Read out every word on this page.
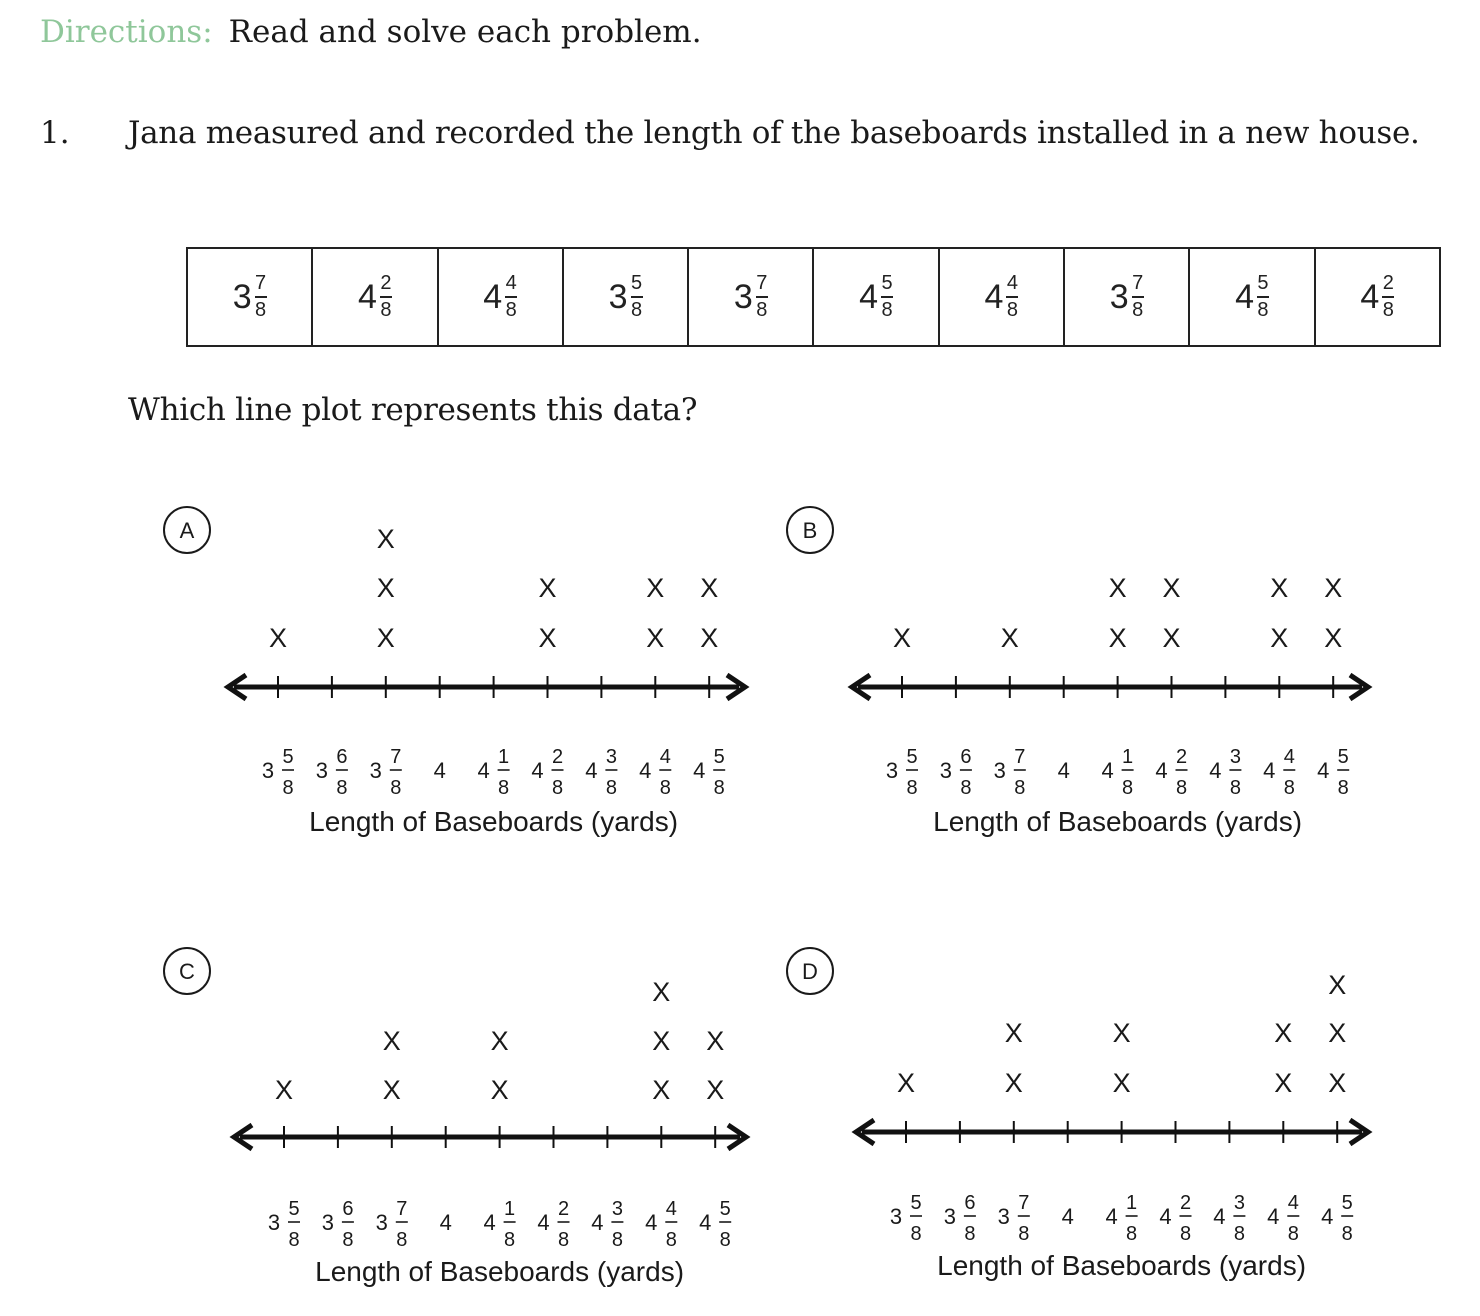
Directions: Read and solve each problem.
1. Jana measured and recorded the length of the baseboards installed in a new house.
$3 \frac{7}{8}$	$4 \frac{2}{8}$	$4 \frac{4}{8}$	$3 \frac{5}{8}$	$3 \frac{7}{8}$	$4 \frac{5}{8}$	$4 \frac{4}{8}$	$3 \frac{7}{8}$	$4 \frac{5}{8}$	$4 \frac{2}{8}$
Which line plot represents this data?
A
3
5
8
X
3
6
8
3
7
8
X
X
X
4 4
1
8
4
2
8
X
X
4
3
8
4
4
8
X
X
4
5
8
X
X
Length of Baseboards (yards)
B
3
5
8
X
3
6
8
3
7
8
X
4 4
1
8
X
X
4
2
8
X
X
4
3
8
4
4
8
X
X
4
5
8
X
X
Length of Baseboards (yards)
C
3
5
8
X
3
6
8
3
7
8
X
X
4 4
1
8
X
X
4
2
8
4
3
8
4
4
8
X
X
X
4
5
8
X
X
Length of Baseboards (yards)
D
3
5
8
X
3
6
8
3
7
8
X
X
4 4
1
8
X
X
4
2
8
4
3
8
4
4
8
X
X
4
5
8
X
X
X
Length of Baseboards (yards)
